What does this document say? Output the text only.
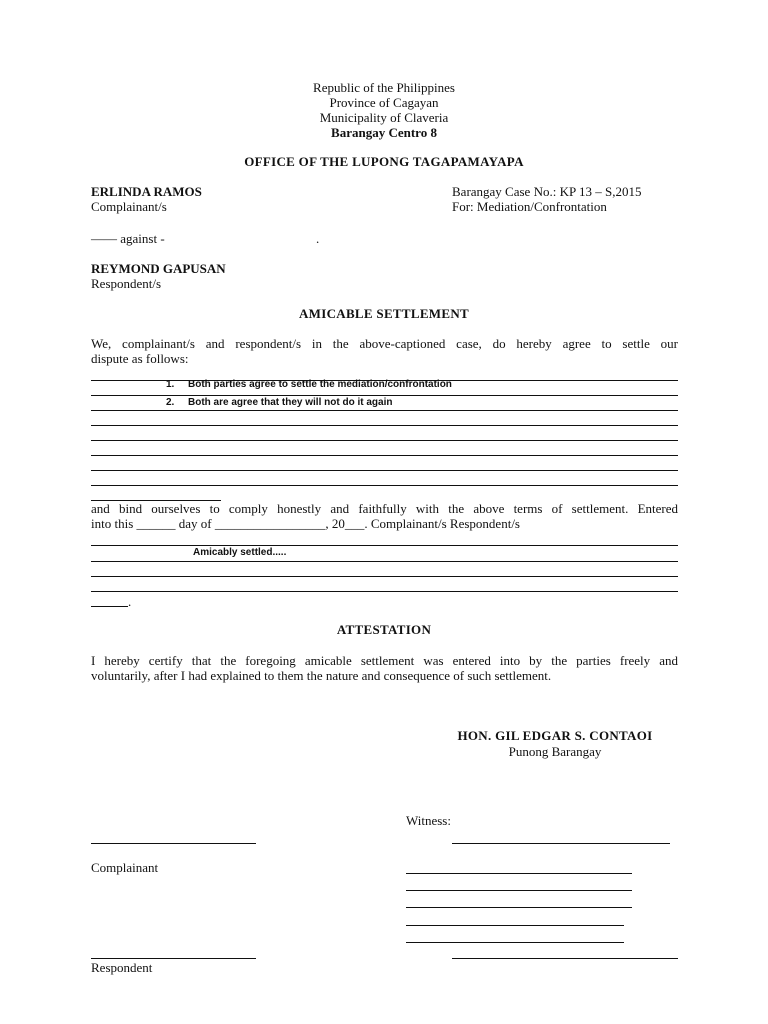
Republic of the Philippines
Province of Cagayan
Municipality of Claveria
Barangay Centro 8
OFFICE OF THE LUPONG TAGAPAMAYAPA
ERLINDA RAMOS
Complainant/s
Barangay Case No.: KP 13 – S,2015
For: Mediation/Confrontation
—— against -	.
REYMOND GAPUSAN
Respondent/s
AMICABLE SETTLEMENT
We, complainant/s and respondent/s in the above-captioned case, do hereby agree to settle our
dispute as follows:
1. Both parties agree to settle the mediation/confrontation
2. Both are agree that they will not do it again
and bind ourselves to comply honestly and faithfully with the above terms of settlement. Entered
into this ______ day of _________________, 20___. Complainant/s Respondent/s
Amicably settled.....
.
ATTESTATION
I hereby certify that the foregoing amicable settlement was entered into by the parties freely and
voluntarily, after I had explained to them the nature and consequence of such settlement.
HON. GIL EDGAR S. CONTAOI
Punong Barangay
Witness:
Complainant
Respondent
